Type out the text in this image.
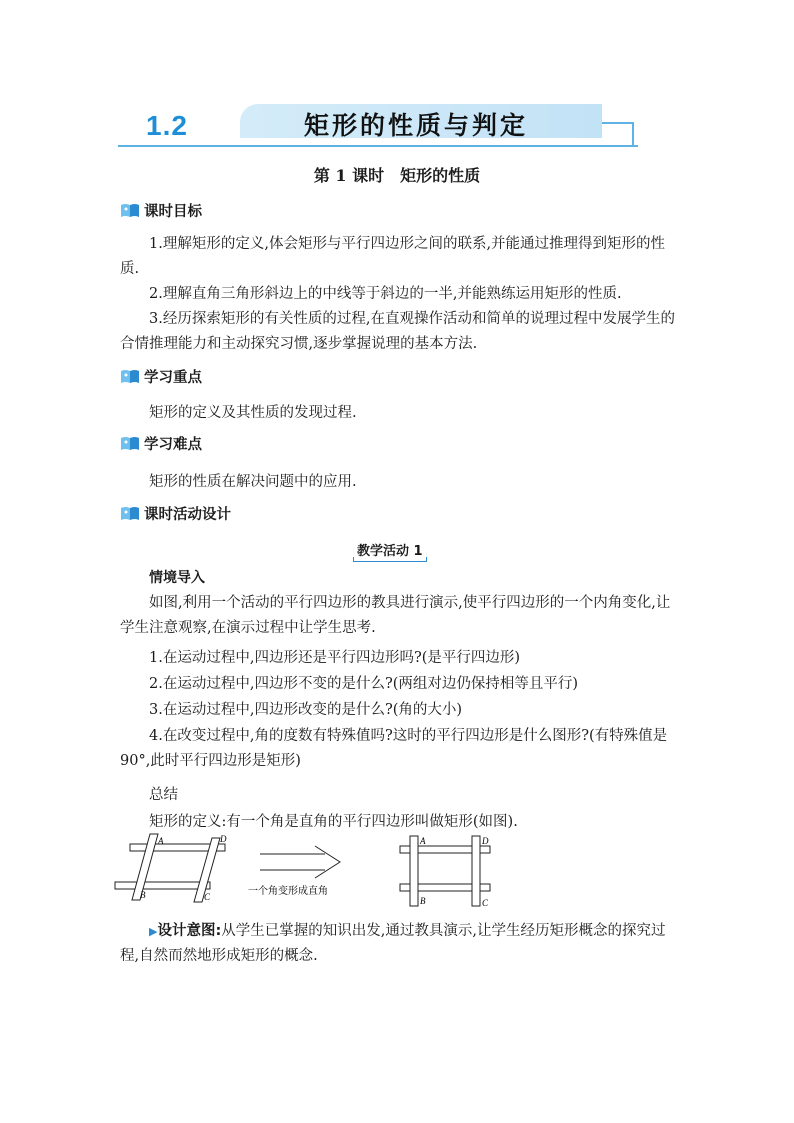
1.2	矩形的性质与判定
第 1 课时　矩形的性质
课时目标

1.理解矩形的定义,体会矩形与平行四边形之间的联系,并能通过推理得到矩形的性质.

2.理解直角三角形斜边上的中线等于斜边的一半,并能熟练运用矩形的性质.

3.经历探索矩形的有关性质的过程,在直观操作活动和简单的说理过程中发展学生的合情推理能力和主动探究习惯,逐步掌握说理的基本方法.

学习重点
矩形的定义及其性质的发现过程.
学习难点
矩形的性质在解决问题中的应用.
课时活动设计
教学活动 1
情境导入

如图,利用一个活动的平行四边形的教具进行演示,使平行四边形的一个内角变化,让学生注意观察,在演示过程中让学生思考.

1.在运动过程中,四边形还是平行四边形吗?(是平行四边形)

2.在运动过程中,四边形不变的是什么?(两组对边仍保持相等且平行)

3.在运动过程中,四边形改变的是什么?(角的大小)

4.在改变过程中,角的度数有特殊值吗?这时的平行四边形是什么图形?(有特殊值是 90°,此时平行四边形是矩形)

总结
矩形的定义:有一个角是直角的平行四边形叫做矩形(如图).
A	D
B	C	一个角变形成直角
A	D
B	C

▶设计意图:从学生已掌握的知识出发,通过教具演示,让学生经历矩形概念的探究过程,自然而然地形成矩形的概念.
